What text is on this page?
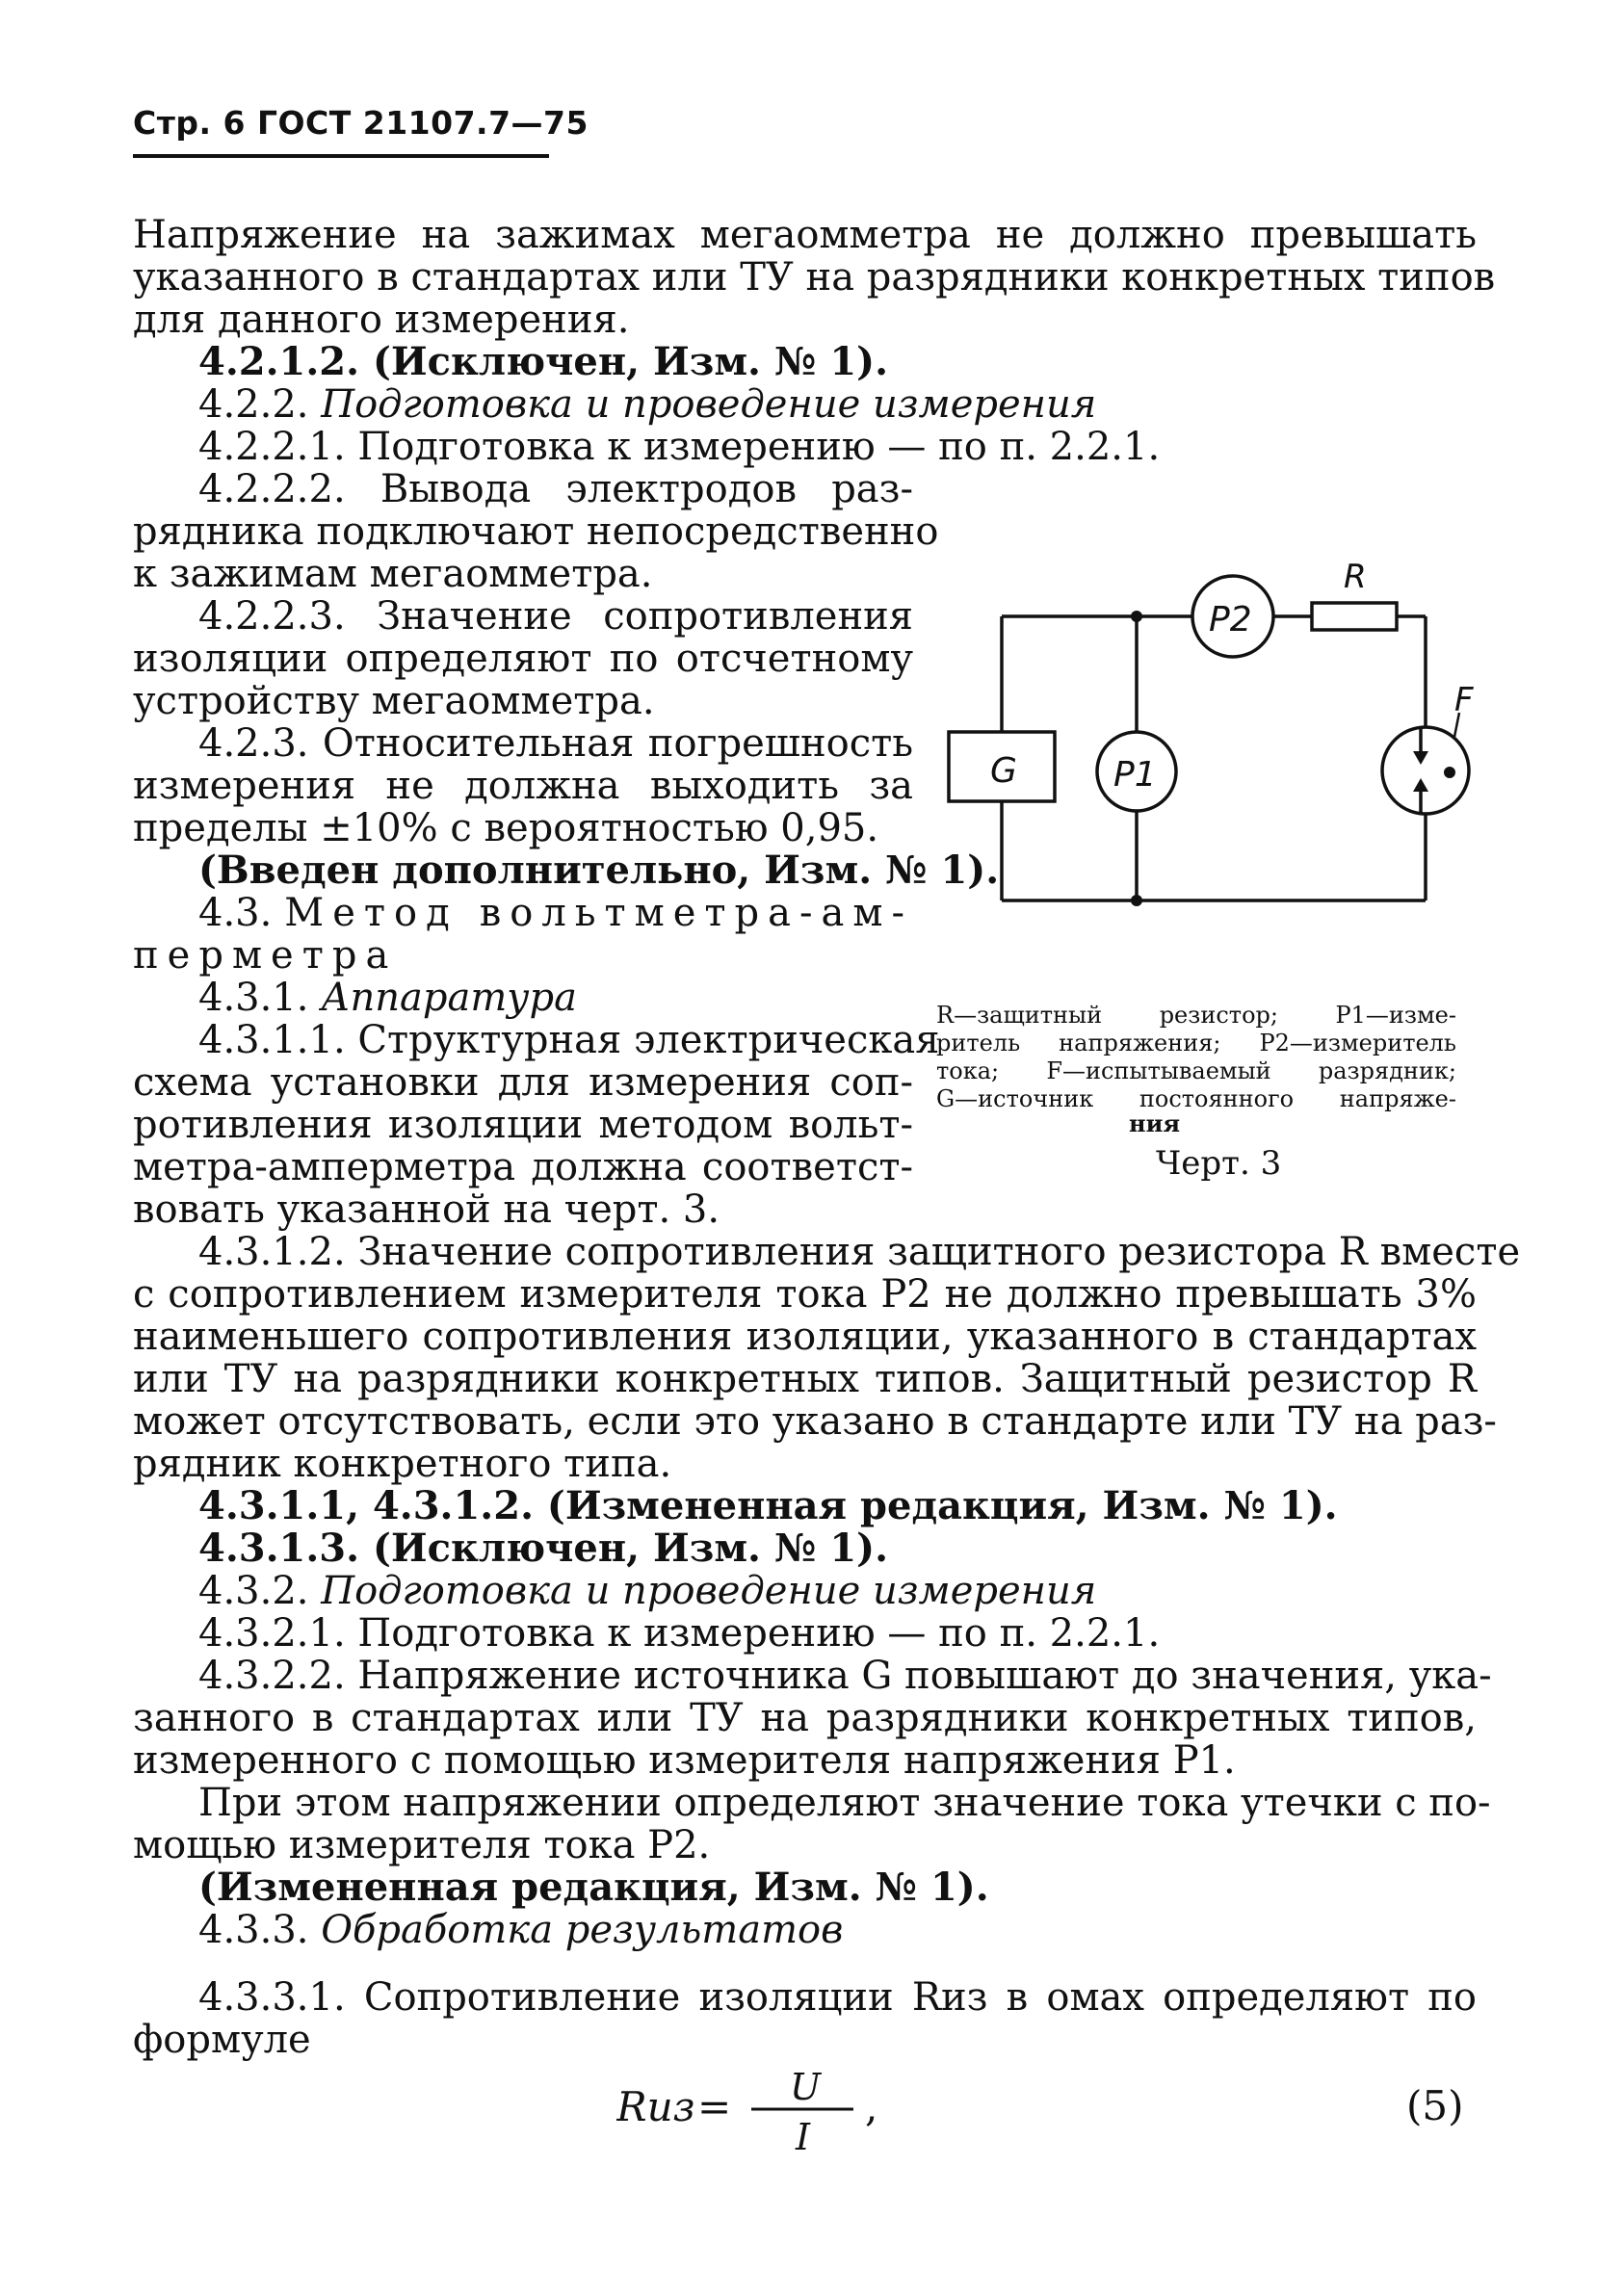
Стр. 6 ГОСТ 21107.7—75
Напряжение на зажимах мегаомметра не должно превышать
указанного в стандартах или ТУ на разрядники конкретных типов
для данного измерения.
4.2.1.2. (Исключен, Изм. № 1).
4.2.2. Подготовка и проведение измерения
4.2.2.1. Подготовка к измерению — по п. 2.2.1.
4.2.2.2. Вывода электродов раз-
рядника подключают непосредственно
к зажимам мегаомметра.
4.2.2.3. Значение сопротивления
изоляции определяют по отсчетному
устройству мегаомметра.
4.2.3. Относительная погрешность
измерения не должна выходить за
пределы ±10% с вероятностью 0,95.
(Введен дополнительно, Изм. № 1).
4.3. Метод вольтметра-ам-
перметра
4.3.1. Аппаратура
4.3.1.1. Структурная электрическая
схема установки для измерения соп-
ротивления изоляции методом вольт-
метра-амперметра должна соответст-
вовать указанной на черт. 3.
R
P2
P1
G
F
R—защитный резистор; P1—изме-
ритель напряжения; P2—измеритель
тока; F—испытываемый разрядник;
G—источник постоянного напряже-
ния
Черт. 3
4.3.1.2. Значение сопротивления защитного резистора R вместе
с сопротивлением измерителя тока P2 не должно превышать 3%
наименьшего сопротивления изоляции, указанного в стандартах
или ТУ на разрядники конкретных типов. Защитный резистор R
может отсутствовать, если это указано в стандарте или ТУ на раз-
рядник конкретного типа.
4.3.1.1, 4.3.1.2. (Измененная редакция, Изм. № 1).
4.3.1.3. (Исключен, Изм. № 1).
4.3.2. Подготовка и проведение измерения
4.3.2.1. Подготовка к измерению — по п. 2.2.1.
4.3.2.2. Напряжение источника G повышают до значения, ука-
занного в стандартах или ТУ на разрядники конкретных типов,
измеренного с помощью измерителя напряжения P1.
При этом напряжении определяют значение тока утечки с по-
мощью измерителя тока P2.
(Измененная редакция, Изм. № 1).
4.3.3. Обработка результатов
4.3.3.1. Сопротивление изоляции Rиз в омах определяют по
формуле
Rиз = U
I
,	(5)
